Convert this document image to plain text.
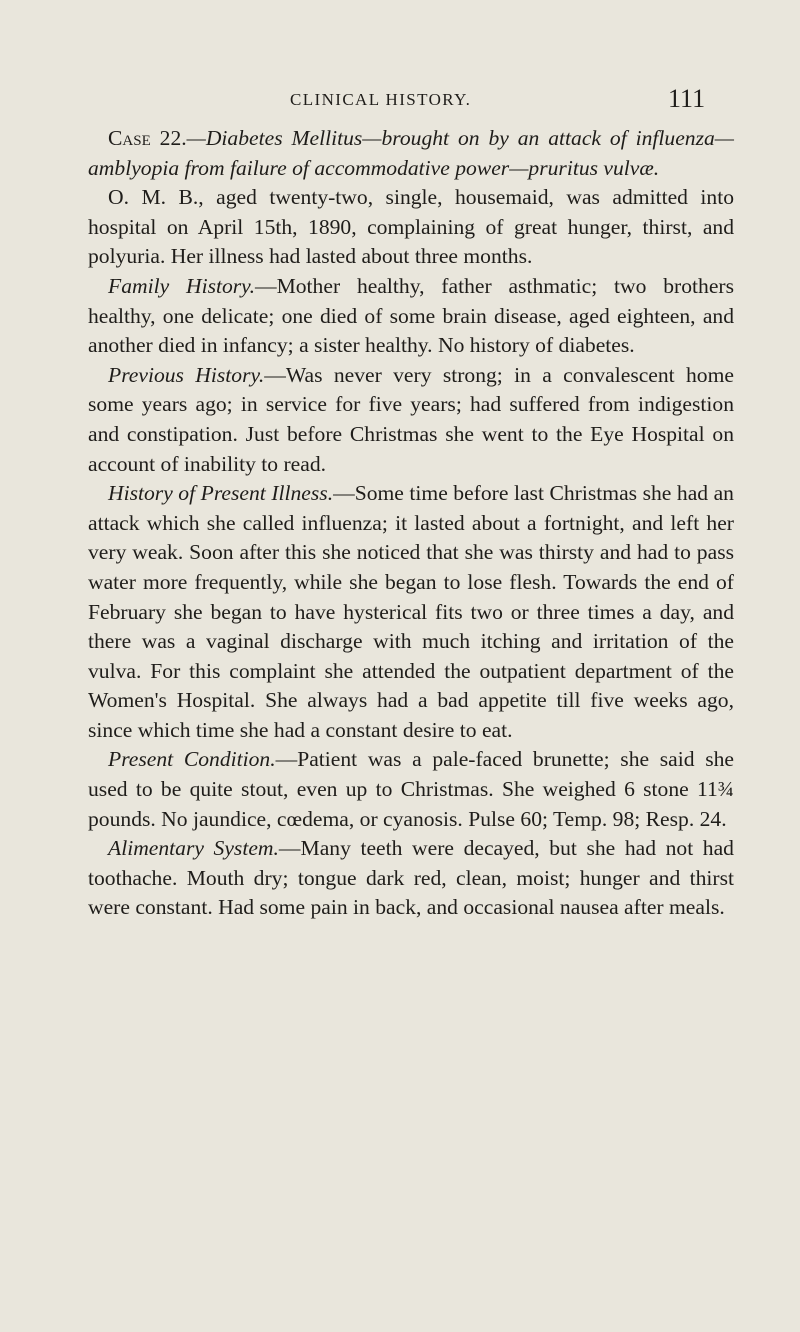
CLINICAL HISTORY.	111

Case 22.—Diabetes Mellitus—brought on by an attack of influenza—amblyopia from failure of accommodative power—pruritus vulvæ.

O. M. B., aged twenty-two, single, housemaid, was admitted into hospital on April 15th, 1890, complaining of great hunger, thirst, and polyuria. Her illness had lasted about three months.

Family History.—Mother healthy, father asthmatic; two brothers healthy, one delicate; one died of some brain disease, aged eighteen, and another died in infancy; a sister healthy. No history of diabetes.

Previous History.—Was never very strong; in a convalescent home some years ago; in service for five years; had suffered from indigestion and constipation. Just before Christmas she went to the Eye Hospital on account of inability to read.

History of Present Illness.—Some time before last Christmas she had an attack which she called influenza; it lasted about a fortnight, and left her very weak. Soon after this she noticed that she was thirsty and had to pass water more frequently, while she began to lose flesh. Towards the end of February she began to have hysterical fits two or three times a day, and there was a vaginal discharge with much itching and irritation of the vulva. For this complaint she attended the outpatient department of the Women's Hospital. She always had a bad appetite till five weeks ago, since which time she had a constant desire to eat.

Present Condition.—Patient was a pale-faced brunette; she said she used to be quite stout, even up to Christmas. She weighed 6 stone 11¾ pounds. No jaundice, cœdema, or cyanosis. Pulse 60; Temp. 98; Resp. 24.

Alimentary System.—Many teeth were decayed, but she had not had toothache. Mouth dry; tongue dark red, clean, moist; hunger and thirst were constant. Had some pain in back, and occasional nausea after meals.
